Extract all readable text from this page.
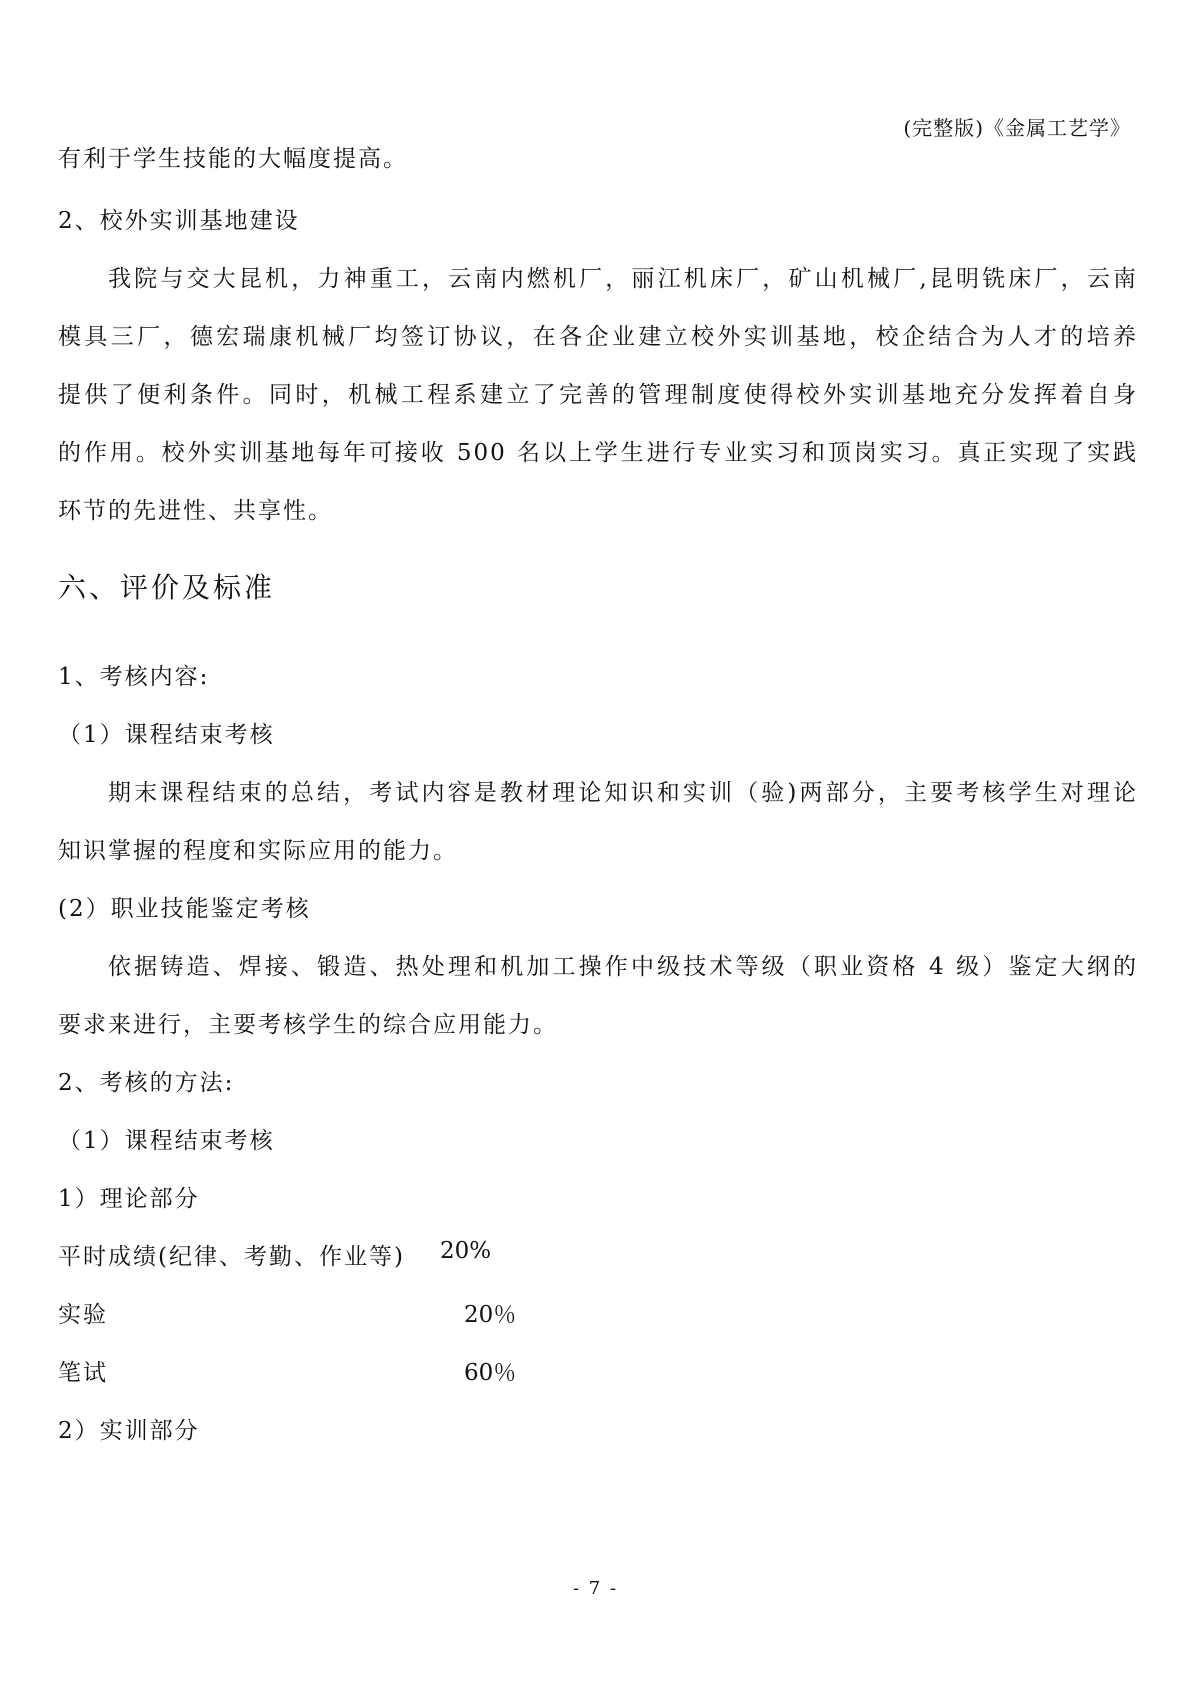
(完整版)《金属工艺学》
有利于学生技能的大幅度提高。
2、校外实训基地建设
我院与交大昆机，力神重工，云南内燃机厂，丽江机床厂，矿山机械厂,昆明铣床厂，云南
模具三厂，德宏瑞康机械厂均签订协议，在各企业建立校外实训基地，校企结合为人才的培养
提供了便利条件。同时，机械工程系建立了完善的管理制度使得校外实训基地充分发挥着自身
的作用。校外实训基地每年可接收 500 名以上学生进行专业实习和顶岗实习。真正实现了实践
环节的先进性、共享性。
六、评价及标准
1、考核内容:
（1）课程结束考核
期末课程结束的总结，考试内容是教材理论知识和实训（验)两部分，主要考核学生对理论
知识掌握的程度和实际应用的能力。
(2）职业技能鉴定考核
依据铸造、焊接、锻造、热处理和机加工操作中级技术等级（职业资格 4 级）鉴定大纲的
要求来进行，主要考核学生的综合应用能力。
2、考核的方法:
（1）课程结束考核
1）理论部分
平时成绩(纪律、考勤、作业等) 20%
实验	20％
笔试	60％
2）实训部分
- 7 -
